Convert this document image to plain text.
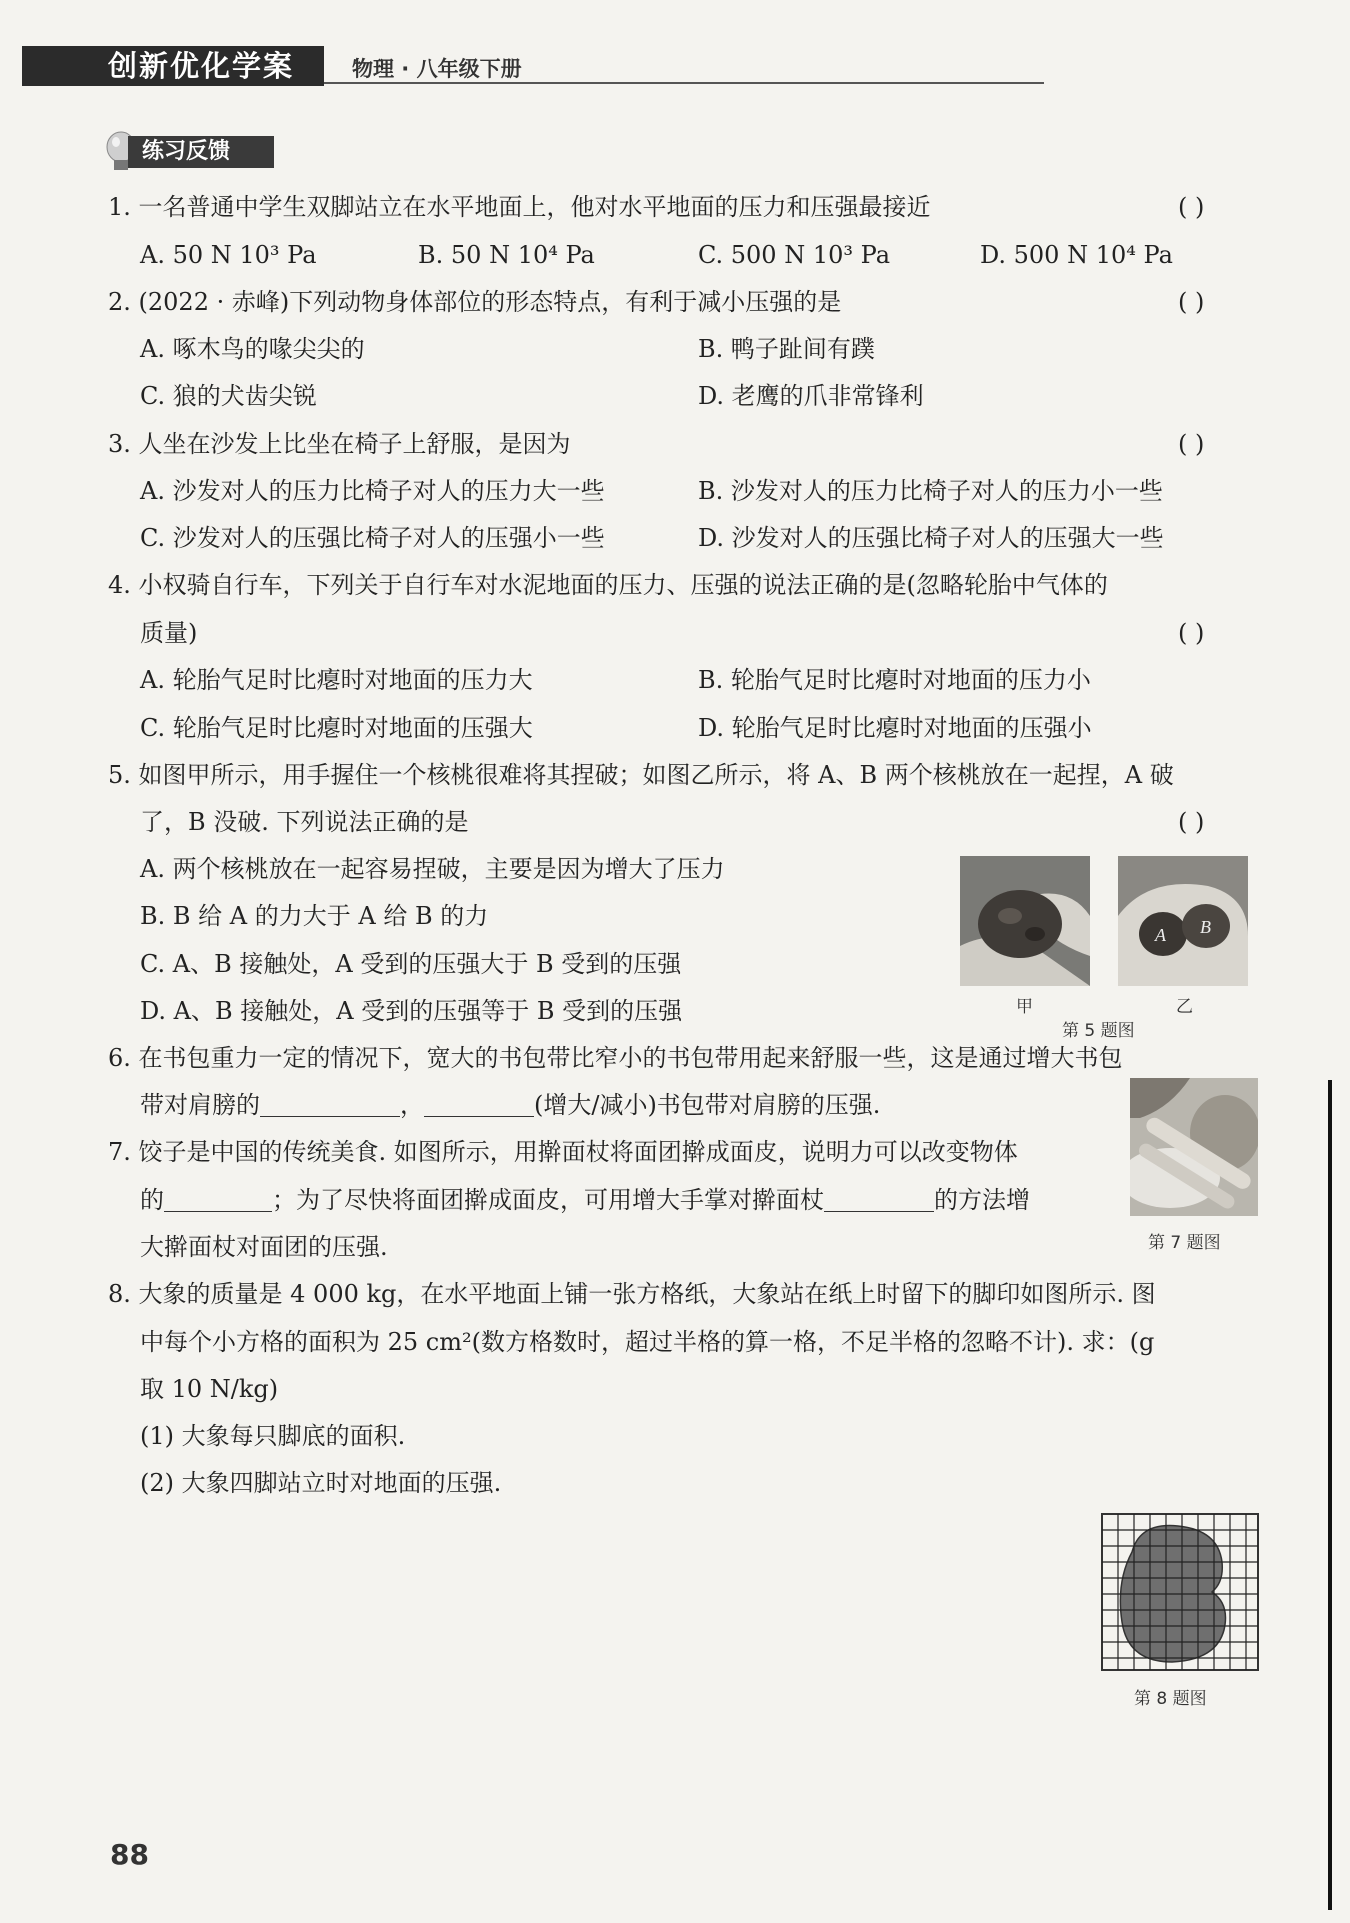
创新优化学案	物理 · 八年级下册
练习反馈
1. 一名普通中学生双脚站立在水平地面上，他对水平地面的压力和压强最接近	( )
A. 50 N 10³ Pa	B. 50 N 10⁴ Pa	C. 500 N 10³ Pa	D. 500 N 10⁴ Pa
2. (2022 · 赤峰)下列动物身体部位的形态特点，有利于减小压强的是	( )
A. 啄木鸟的喙尖尖的	B. 鸭子趾间有蹼
C. 狼的犬齿尖锐	D. 老鹰的爪非常锋利
3. 人坐在沙发上比坐在椅子上舒服，是因为	( )
A. 沙发对人的压力比椅子对人的压力大一些	B. 沙发对人的压力比椅子对人的压力小一些
C. 沙发对人的压强比椅子对人的压强小一些	D. 沙发对人的压强比椅子对人的压强大一些
4. 小权骑自行车，下列关于自行车对水泥地面的压力、压强的说法正确的是(忽略轮胎中气体的
质量)	( )
A. 轮胎气足时比瘪时对地面的压力大	B. 轮胎气足时比瘪时对地面的压力小
C. 轮胎气足时比瘪时对地面的压强大	D. 轮胎气足时比瘪时对地面的压强小
5. 如图甲所示，用手握住一个核桃很难将其捏破；如图乙所示，将 A、B 两个核桃放在一起捏，A 破
了，B 没破. 下列说法正确的是	( )
A. 两个核桃放在一起容易捏破，主要是因为增大了压力
B. B 给 A 的力大于 A 给 B 的力
C. A、B 接触处，A 受到的压强大于 B 受到的压强
D. A、B 接触处，A 受到的压强等于 B 受到的压强
A B
甲	乙
第 5 题图
6. 在书包重力一定的情况下，宽大的书包带比窄小的书包带用起来舒服一些，这是通过增大书包
带对肩膀的	，	(增大/减小)书包带对肩膀的压强.
7. 饺子是中国的传统美食. 如图所示，用擀面杖将面团擀成面皮，说明力可以改变物体
的	；为了尽快将面团擀成面皮，可用增大手掌对擀面杖	的方法增
大擀面杖对面团的压强.	第 7 题图
8. 大象的质量是 4 000 kg，在水平地面上铺一张方格纸，大象站在纸上时留下的脚印如图所示. 图
中每个小方格的面积为 25 cm²(数方格数时，超过半格的算一格，不足半格的忽略不计). 求：(g
取 10 N/kg)
(1) 大象每只脚底的面积.
(2) 大象四脚站立时对地面的压强.
第 8 题图
88
